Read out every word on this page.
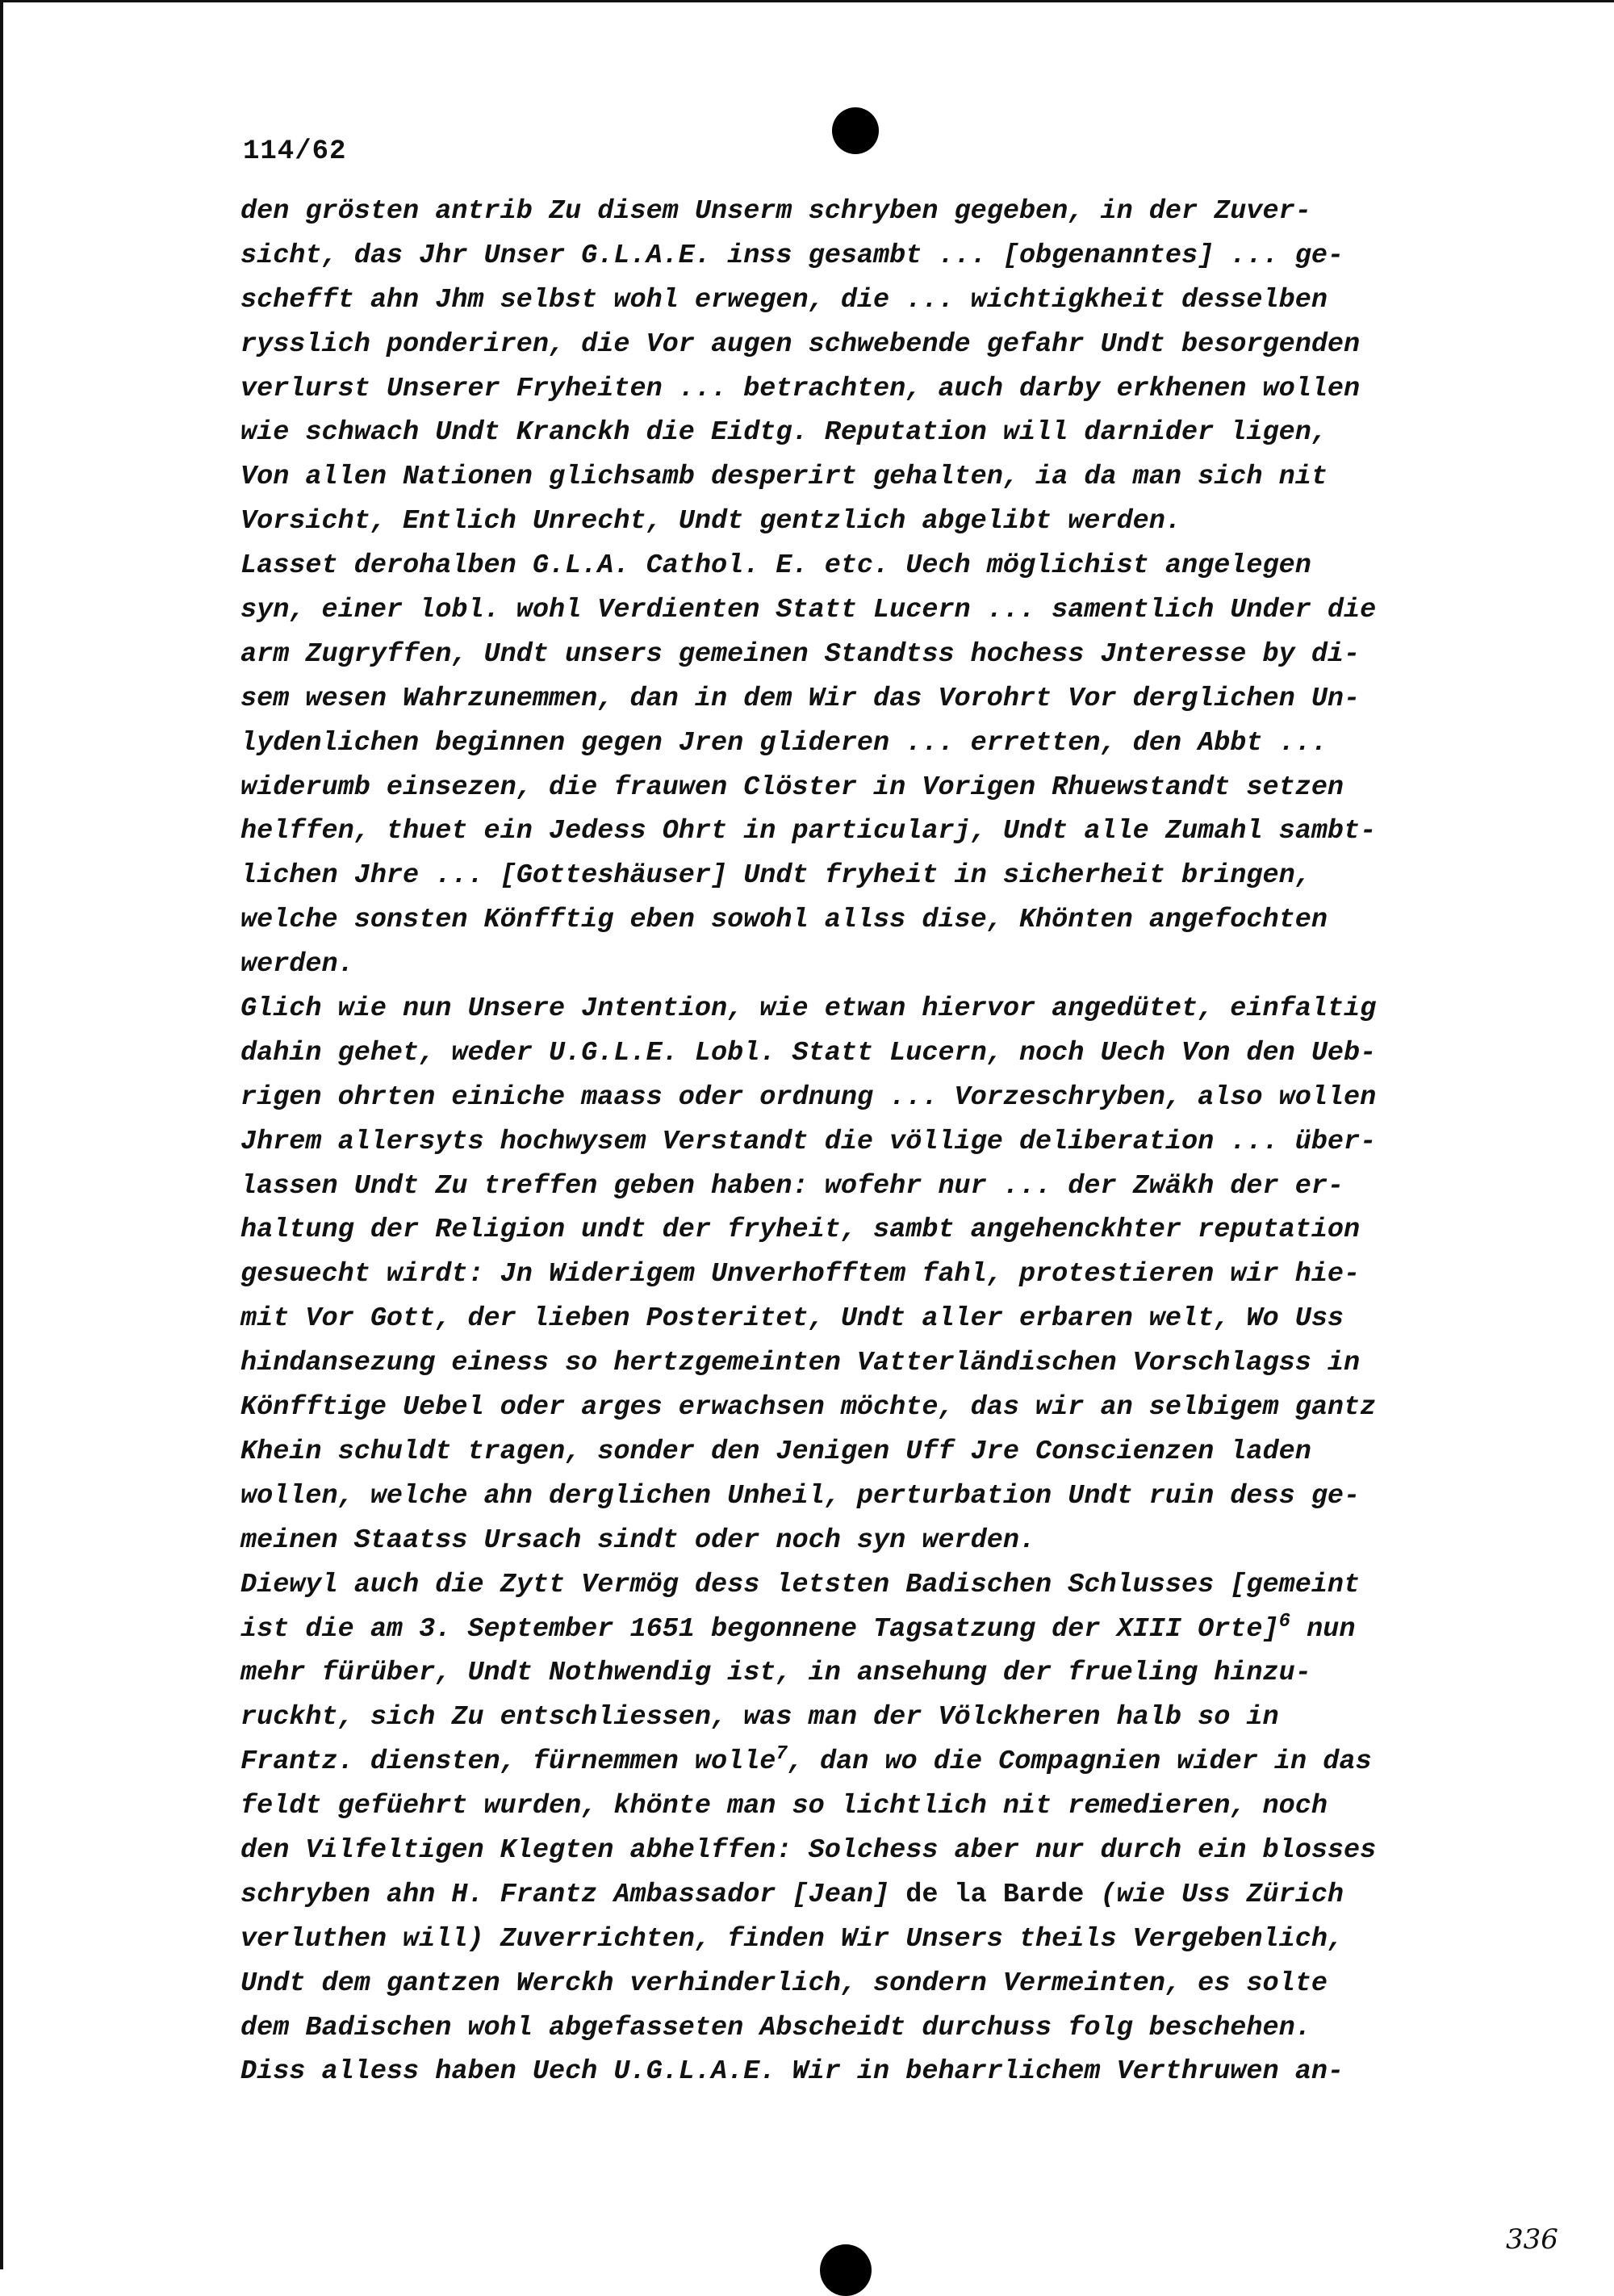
114/62
den grösten antrib Zu disem Unserm schryben gegeben, in der Zuver-
sicht, das Jhr Unser G.L.A.E. inss gesambt ... [obgenanntes] ... ge-
schefft ahn Jhm selbst wohl erwegen, die ... wichtigkheit desselben
rysslich ponderiren, die Vor augen schwebende gefahr Undt besorgenden
verlurst Unserer Fryheiten ... betrachten, auch darby erkhenen wollen
wie schwach Undt Kranckh die Eidtg. Reputation will darnider ligen,
Von allen Nationen glichsamb desperirt gehalten, ia da man sich nit
Vorsicht, Entlich Unrecht, Undt gentzlich abgelibt werden.
Lasset derohalben G.L.A. Cathol. E. etc. Uech möglichist angelegen
syn, einer lobl. wohl Verdienten Statt Lucern ... samentlich Under die
arm Zugryffen, Undt unsers gemeinen Standtss hochess Jnteresse by di-
sem wesen Wahrzunemmen, dan in dem Wir das Vorohrt Vor derglichen Un-
lydenlichen beginnen gegen Jren glideren ... erretten, den Abbt ...
widerumb einsezen, die frauwen Clöster in Vorigen Rhuewstandt setzen
helffen, thuet ein Jedess Ohrt in particularj, Undt alle Zumahl sambt-
lichen Jhre ... [Gotteshäuser] Undt fryheit in sicherheit bringen,
welche sonsten Könfftig eben sowohl allss dise, Khönten angefochten
werden.
Glich wie nun Unsere Jntention, wie etwan hiervor angedütet, einfaltig
dahin gehet, weder U.G.L.E. Lobl. Statt Lucern, noch Uech Von den Ueb-
rigen ohrten einiche maass oder ordnung ... Vorzeschryben, also wollen
Jhrem allersyts hochwysem Verstandt die völlige deliberation ... über-
lassen Undt Zu treffen geben haben: wofehr nur ... der Zwäkh der er-
haltung der Religion undt der fryheit, sambt angehenckhter reputation
gesuecht wirdt: Jn Widerigem Unverhofftem fahl, protestieren wir hie-
mit Vor Gott, der lieben Posteritet, Undt aller erbaren welt, Wo Uss
hindansezung einess so hertzgemeinten Vatterländischen Vorschlagss in
Könfftige Uebel oder arges erwachsen möchte, das wir an selbigem gantz
Khein schuldt tragen, sonder den Jenigen Uff Jre Conscienzen laden
wollen, welche ahn derglichen Unheil, perturbation Undt ruin dess ge-
meinen Staatss Ursach sindt oder noch syn werden.
Diewyl auch die Zytt Vermög dess letsten Badischen Schlusses [gemeint
ist die am 3. September 1651 begonnene Tagsatzung der XIII Orte]$^6$ nun
mehr fürüber, Undt Nothwendig ist, in ansehung der frueling hinzu-
ruckht, sich Zu entschliessen, was man der Völckheren halb so in
Frantz. diensten, fürnemmen wolle$^7$, dan wo die Compagnien wider in das
feldt gefüehrt wurden, khönte man so lichtlich nit remedieren, noch
den Vilfeltigen Klegten abhelffen: Solchess aber nur durch ein blosses
schryben ahn H. Frantz Ambassador [Jean] de la Barde (wie Uss Zürich
verluthen will) Zuverrichten, finden Wir Unsers theils Vergebenlich,
Undt dem gantzen Werckh verhinderlich, sondern Vermeinten, es solte
dem Badischen wohl abgefasseten Abscheidt durchuss folg beschehen.
Diss alless haben Uech U.G.L.A.E. Wir in beharrlichem Verthruwen an-
336
